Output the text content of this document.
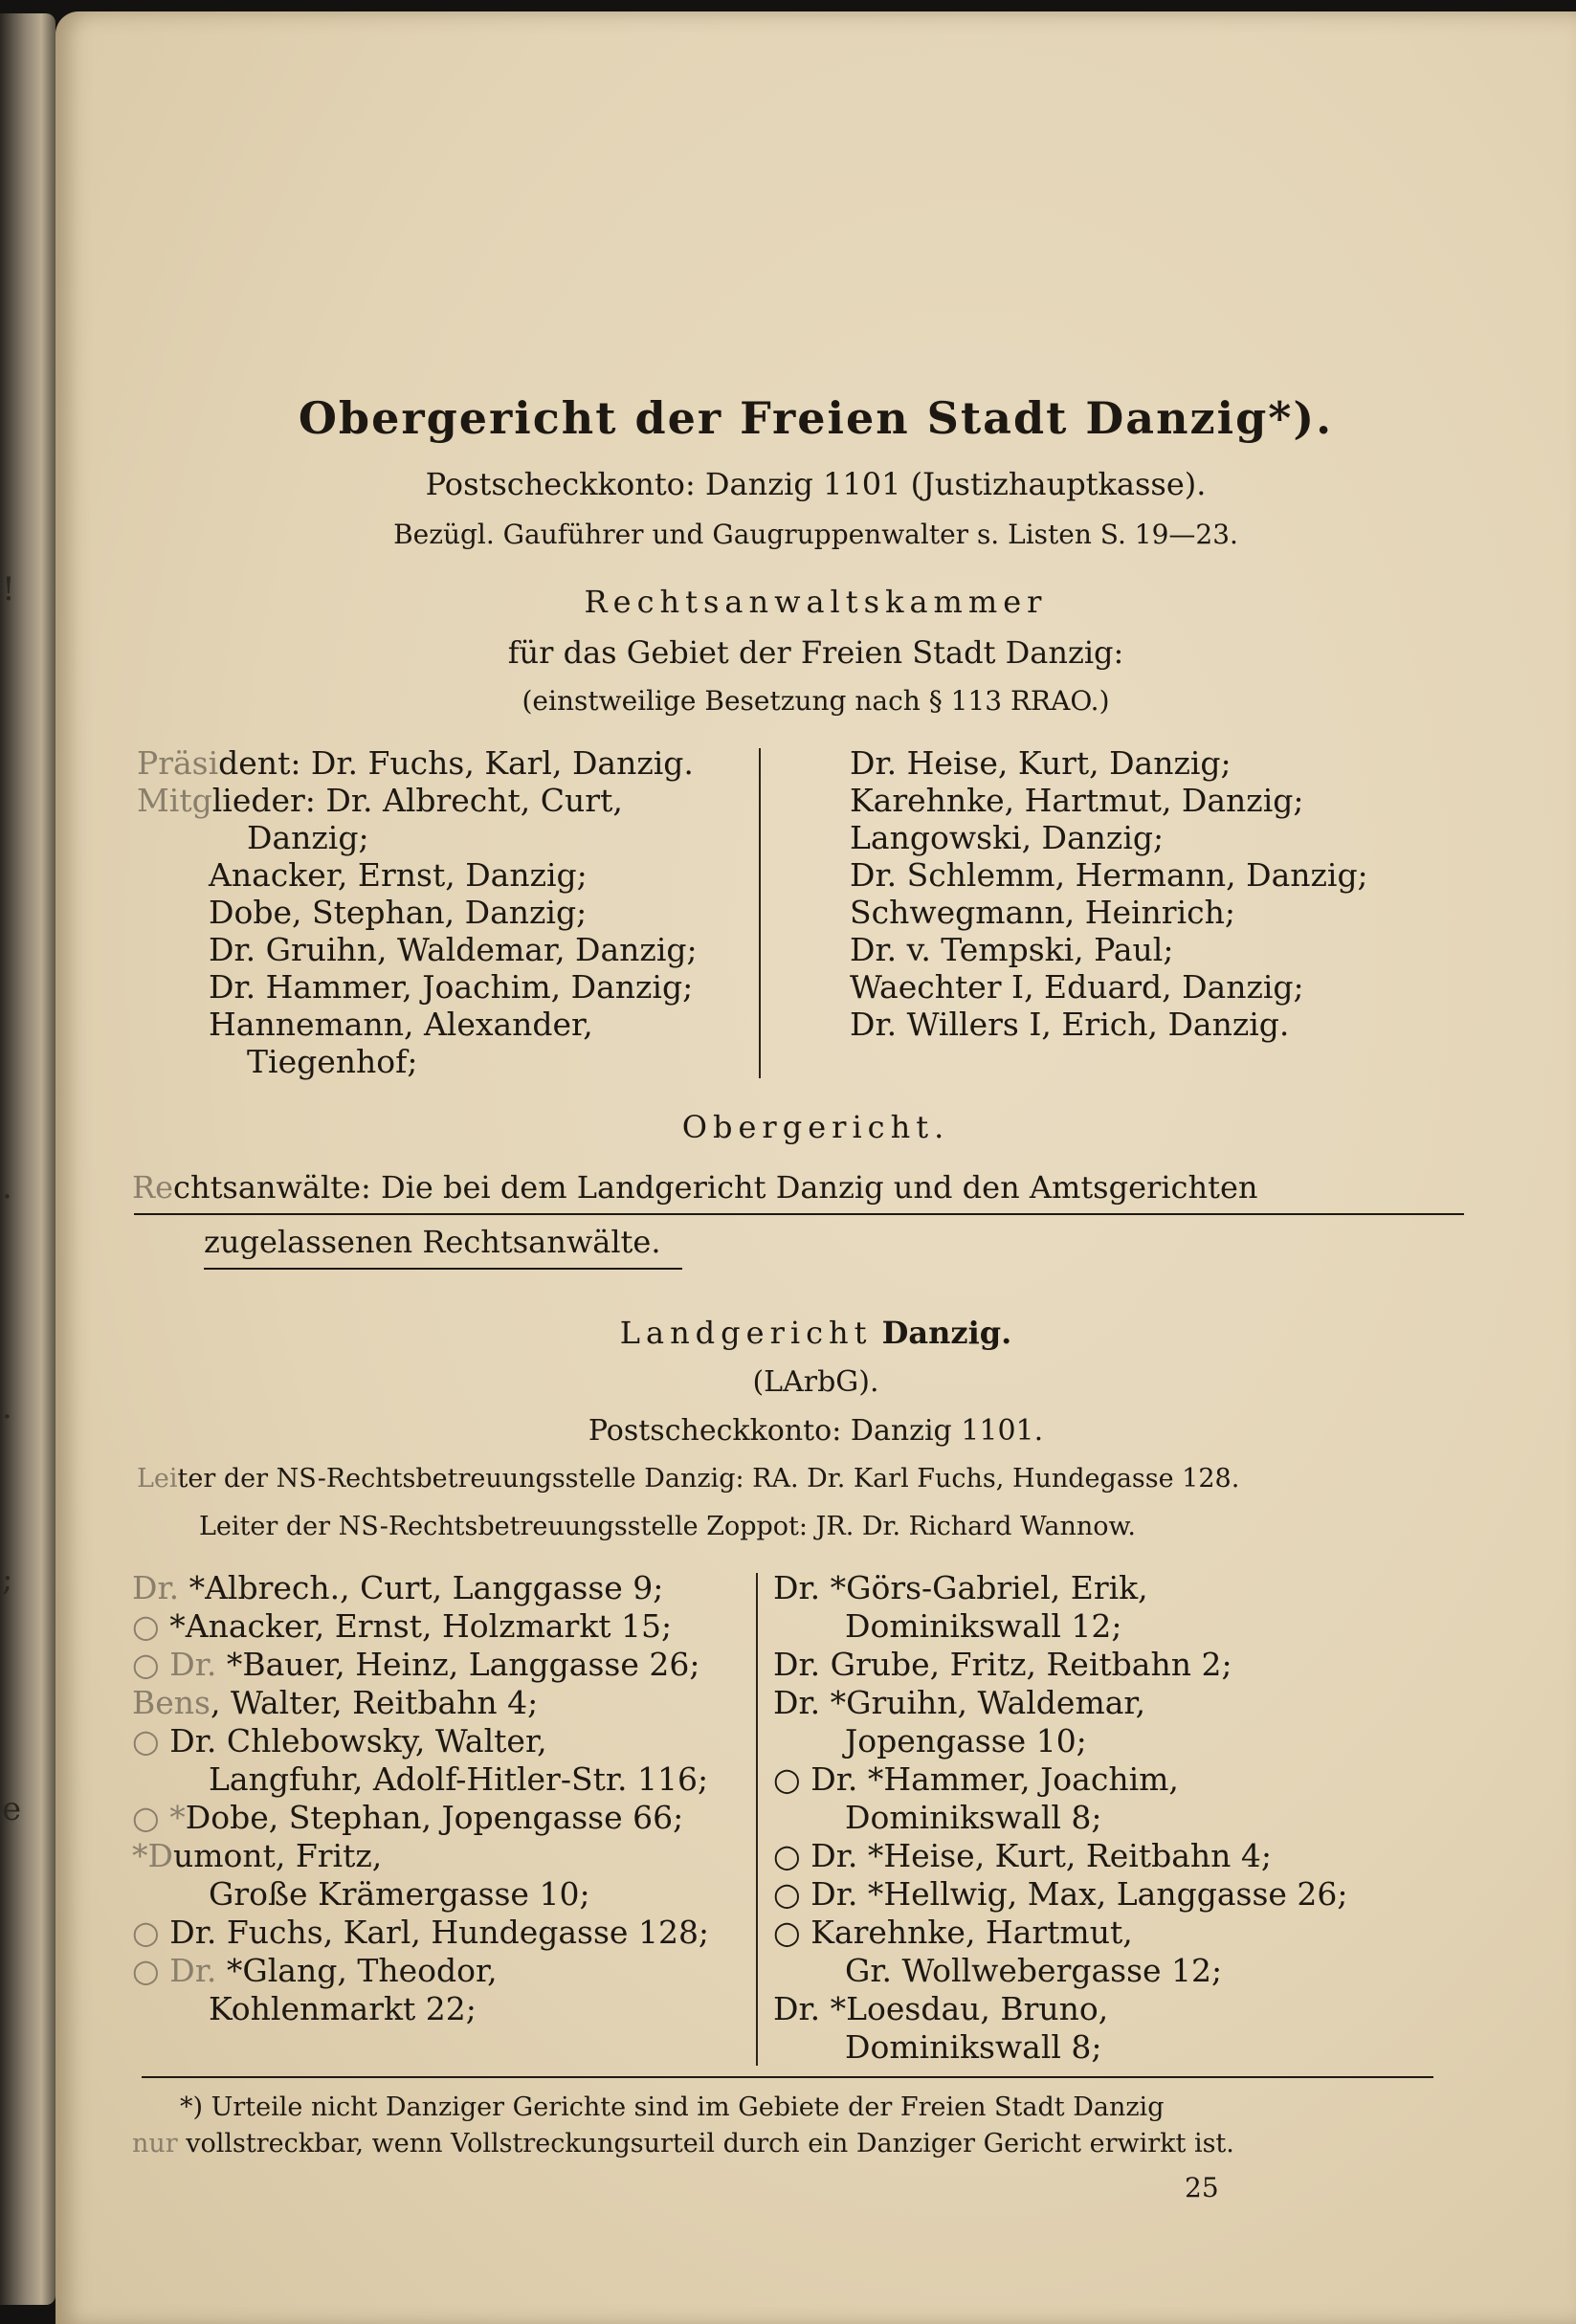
!
.
.
;
e
Obergericht der Freien Stadt Danzig*).
Postscheckkonto: Danzig 1101 (Justizhauptkasse).
Bezügl. Gauführer und Gaugruppenwalter s. Listen S. 19—23.
Rechtsanwaltskammer
für das Gebiet der Freien Stadt Danzig:
(einstweilige Besetzung nach § 113 RRAO.)
Präsident: Dr. Fuchs, Karl, Danzig.
Mitglieder: Dr. Albrecht, Curt,
Danzig;
Anacker, Ernst, Danzig;
Dobe, Stephan, Danzig;
Dr. Gruihn, Waldemar, Danzig;
Dr. Hammer, Joachim, Danzig;
Hannemann, Alexander,
Tiegenhof;
Dr. Heise, Kurt, Danzig;
Karehnke, Hartmut, Danzig;
Langowski, Danzig;
Dr. Schlemm, Hermann, Danzig;
Schwegmann, Heinrich;
Dr. v. Tempski, Paul;
Waechter I, Eduard, Danzig;
Dr. Willers I, Erich, Danzig.
Obergericht.
Rechtsanwälte: Die bei dem Landgericht Danzig und den Amtsgerichten
zugelassenen Rechtsanwälte.
Landgericht Danzig.
(LArbG).
Postscheckkonto: Danzig 1101.
Leiter der NS-Rechtsbetreuungsstelle Danzig: RA. Dr. Karl Fuchs, Hundegasse 128.
Leiter der NS-Rechtsbetreuungsstelle Zoppot: JR. Dr. Richard Wannow.
Dr. *Albrech., Curt, Langgasse 9;
○ *Anacker, Ernst, Holzmarkt 15;
○ Dr. *Bauer, Heinz, Langgasse 26;
Bens, Walter, Reitbahn 4;
○ Dr. Chlebowsky, Walter,
Langfuhr, Adolf-Hitler-Str. 116;
○ *Dobe, Stephan, Jopengasse 66;
*Dumont, Fritz,
Große Krämergasse 10;
○ Dr. Fuchs, Karl, Hundegasse 128;
○ Dr. *Glang, Theodor,
Kohlenmarkt 22;
Dr. *Görs-Gabriel, Erik,
Dominikswall 12;
Dr. Grube, Fritz, Reitbahn 2;
Dr. *Gruihn, Waldemar,
Jopengasse 10;
○ Dr. *Hammer, Joachim,
Dominikswall 8;
○ Dr. *Heise, Kurt, Reitbahn 4;
○ Dr. *Hellwig, Max, Langgasse 26;
○ Karehnke, Hartmut,
Gr. Wollwebergasse 12;
Dr. *Loesdau, Bruno,
Dominikswall 8;
*) Urteile nicht Danziger Gerichte sind im Gebiete der Freien Stadt Danzig
nur vollstreckbar, wenn Vollstreckungsurteil durch ein Danziger Gericht erwirkt ist.
25
